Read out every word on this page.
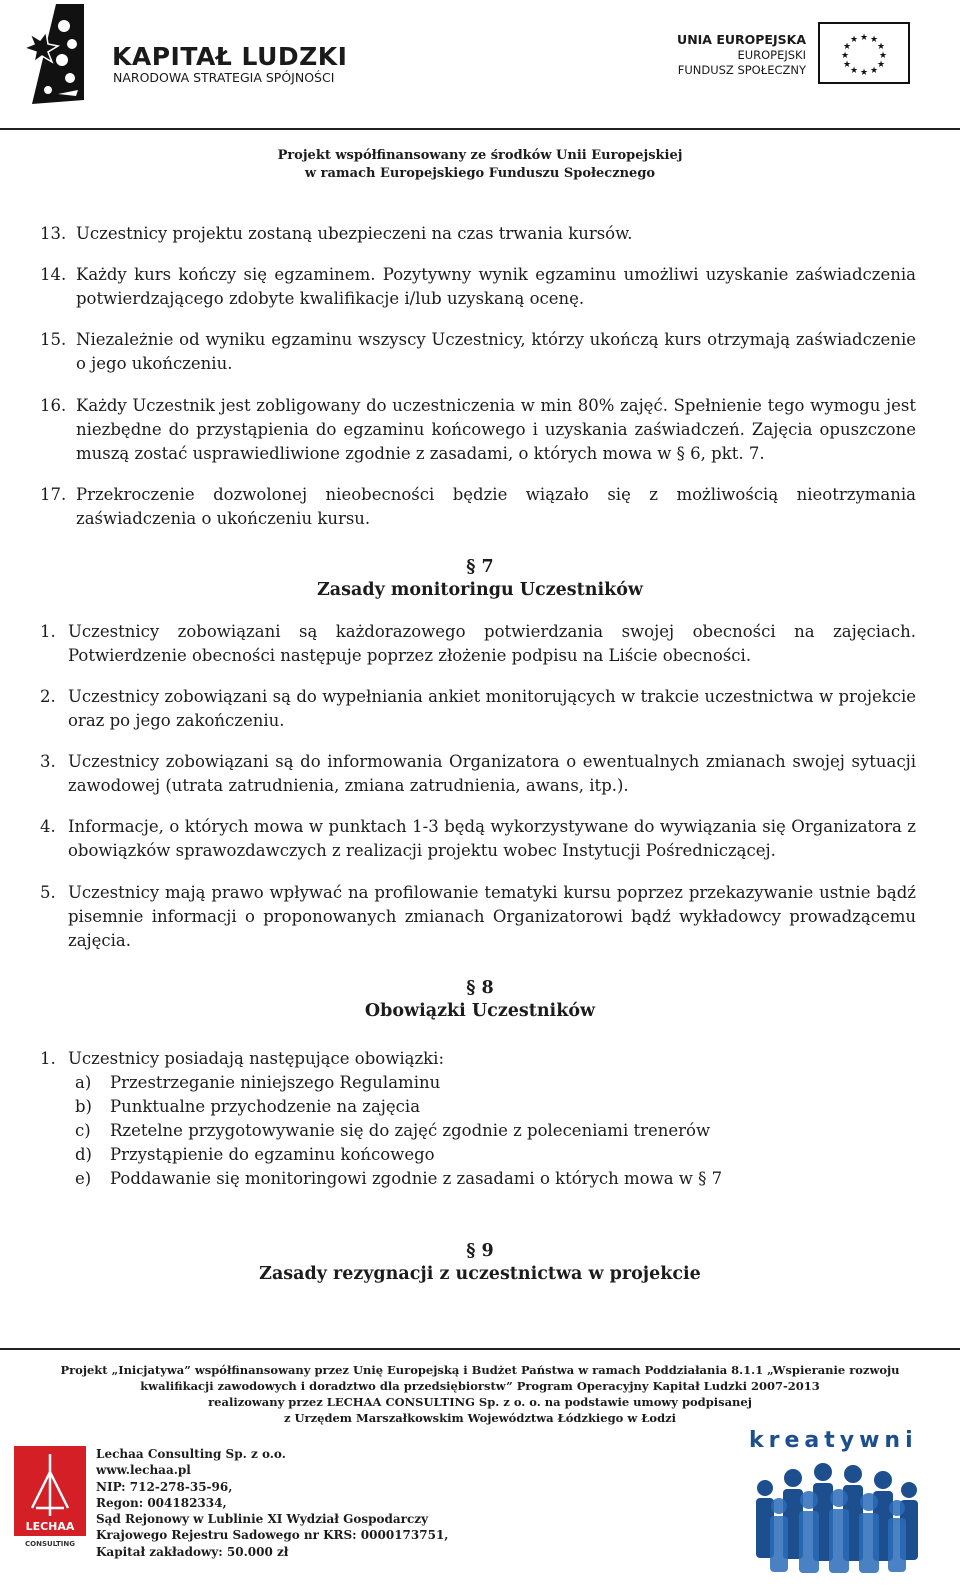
KAPITAŁ LUDZKI
NARODOWA STRATEGIA SPÓJNOŚCI
UNIA EUROPEJSKA
EUROPEJSKI
FUNDUSZ SPOŁECZNY
★ ★
★
★
★
★
★
★
★
★
★
★
Projekt współfinansowany ze środków Unii Europejskiej
w ramach Europejskiego Funduszu Społecznego
13. Uczestnicy projektu zostaną ubezpieczeni na czas trwania kursów.
14. Każdy kurs kończy się egzaminem. Pozytywny wynik egzaminu umożliwi uzyskanie zaświadczenia potwierdzającego zdobyte kwalifikacje i/lub uzyskaną ocenę.
15. Niezależnie od wyniku egzaminu wszyscy Uczestnicy, którzy ukończą kurs otrzymają zaświadczenie o jego ukończeniu.
16. Każdy Uczestnik jest zobligowany do uczestniczenia w min 80% zajęć. Spełnienie tego wymogu jest niezbędne do przystąpienia do egzaminu końcowego i uzyskania zaświadczeń. Zajęcia opuszczone muszą zostać usprawiedliwione zgodnie z zasadami, o których mowa w § 6, pkt. 7.
17. Przekroczenie dozwolonej nieobecności będzie wiązało się z możliwością nieotrzymania zaświadczenia o ukończeniu kursu.
§ 7
Zasady monitoringu Uczestników
1. Uczestnicy zobowiązani są każdorazowego potwierdzania swojej obecności na zajęciach. Potwierdzenie obecności następuje poprzez złożenie podpisu na Liście obecności.
2. Uczestnicy zobowiązani są do wypełniania ankiet monitorujących w trakcie uczestnictwa w projekcie oraz po jego zakończeniu.
3. Uczestnicy zobowiązani są do informowania Organizatora o ewentualnych zmianach swojej sytuacji zawodowej (utrata zatrudnienia, zmiana zatrudnienia, awans, itp.).
4. Informacje, o których mowa w punktach 1-3 będą wykorzystywane do wywiązania się Organizatora z obowiązków sprawozdawczych z realizacji projektu wobec Instytucji Pośredniczącej.
5. Uczestnicy mają prawo wpływać na profilowanie tematyki kursu poprzez przekazywanie ustnie bądź pisemnie informacji o proponowanych zmianach Organizatorowi bądź wykładowcy prowadzącemu zajęcia.
§ 8
Obowiązki Uczestników
1. Uczestnicy posiadają następujące obowiązki:
a) Przestrzeganie niniejszego Regulaminu
b) Punktualne przychodzenie na zajęcia
c) Rzetelne przygotowywanie się do zajęć zgodnie z poleceniami trenerów
d) Przystąpienie do egzaminu końcowego
e) Poddawanie się monitoringowi zgodnie z zasadami o których mowa w § 7
§ 9
Zasady rezygnacji z uczestnictwa w projekcie
Projekt „Inicjatywa” współfinansowany przez Unię Europejską i Budżet Państwa w ramach Poddziałania 8.1.1 „Wspieranie rozwoju
kwalifikacji zawodowych i doradztwo dla przedsiębiorstw” Program Operacyjny Kapitał Ludzki 2007-2013
realizowany przez LECHAA CONSULTING Sp. z o. o. na podstawie umowy podpisanej
z Urzędem Marszałkowskim Województwa Łódzkiego w Łodzi
LECHAA
CONSULTING
Lechaa Consulting Sp. z o.o.
www.lechaa.pl
NIP: 712-278-35-96,
Regon: 004182334,
Sąd Rejonowy w Lublinie XI Wydział Gospodarczy
Krajowego Rejestru Sadowego nr KRS: 0000173751,
Kapitał zakładowy: 50.000 zł
kreatywni
